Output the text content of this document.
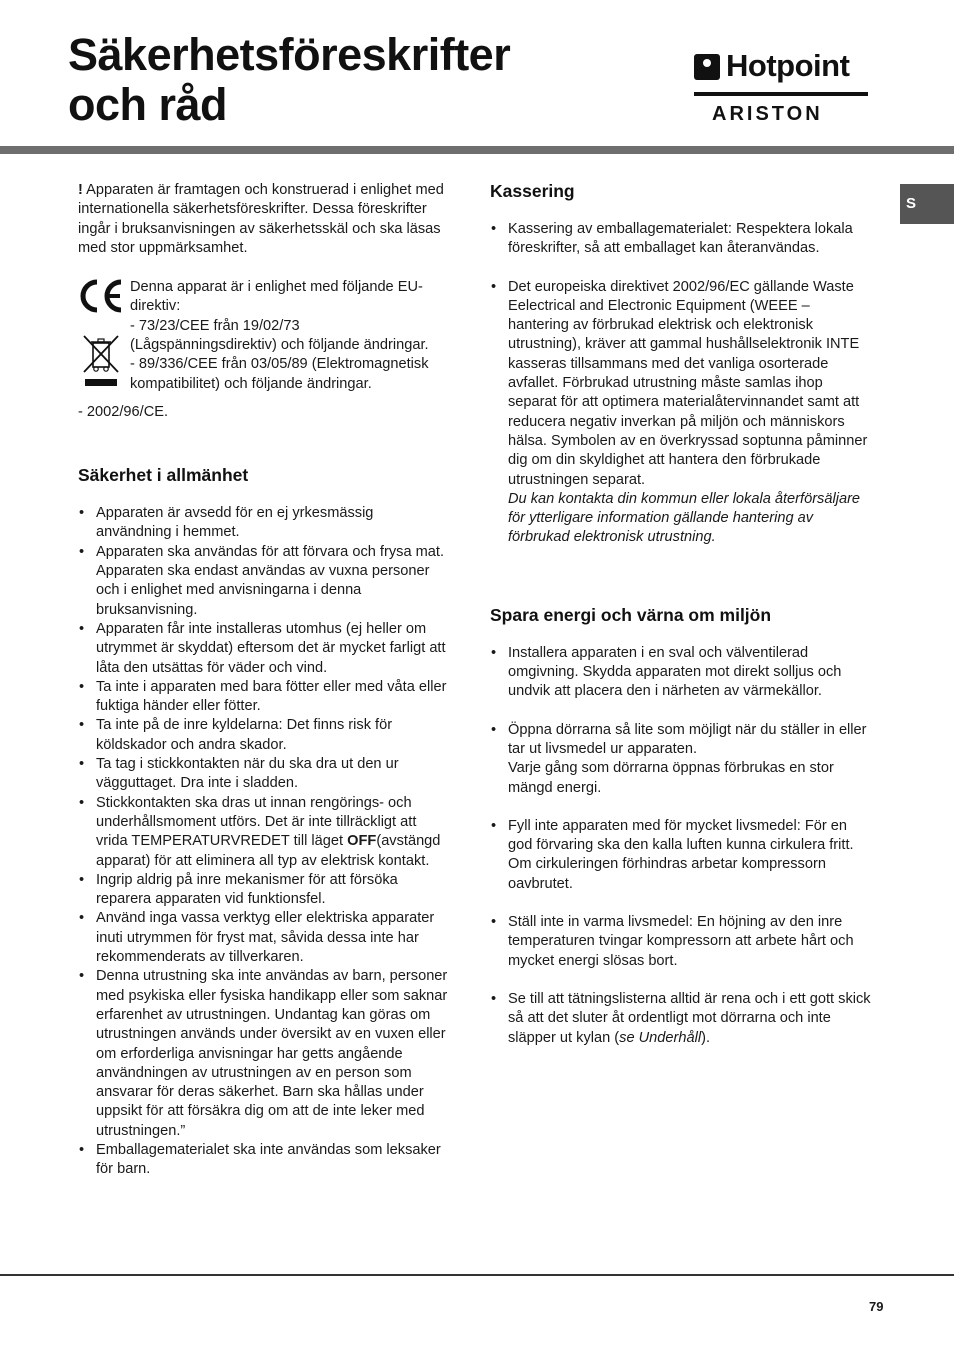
Säkerhetsföreskrifter
och råd
Hotpoint
ARISTON
S

! Apparaten är framtagen och konstruerad i enlighet med internationella säkerhetsföreskrifter. Dessa föreskrifter ingår i bruksanvisningen av säkerhetsskäl och ska läsas med stor uppmärksamhet.

Denna apparat är i enlighet med följande EU-direktiv:

- 73/23/CEE från 19/02/73 (Lågspänningsdirektiv) och följande ändringar.

- 89/336/CEE från 03/05/89 (Elektromagnetisk kompatibilitet) och följande ändringar.

- 2002/96/CE.

Säkerhet i allmänhet
• Apparaten är avsedd för en ej yrkesmässig användning i hemmet.
• Apparaten ska användas för att förvara och frysa mat. Apparaten ska endast användas av vuxna personer och i enlighet med anvisningarna i denna bruksanvisning.
• Apparaten får inte installeras utomhus (ej heller om utrymmet är skyddat) eftersom det är mycket farligt att låta den utsättas för väder och vind.
• Ta inte i apparaten med bara fötter eller med våta eller fuktiga händer eller fötter.
• Ta inte på de inre kyldelarna: Det finns risk för köldskador och andra skador.
• Ta tag i stickkontakten när du ska dra ut den ur vägguttaget. Dra inte i sladden.
• Stickkontakten ska dras ut innan rengörings- och underhållsmoment utförs. Det är inte tillräckligt att vrida TEMPERATURVREDET till läget OFF(avstängd apparat) för att eliminera all typ av elektrisk kontakt.
• Ingrip aldrig på inre mekanismer för att försöka reparera apparaten vid funktionsfel.
• Använd inga vassa verktyg eller elektriska apparater inuti utrymmen för fryst mat, såvida dessa inte har rekommenderats av tillverkaren.
• Denna utrustning ska inte användas av barn, personer med psykiska eller fysiska handikapp eller som saknar erfarenhet av utrustningen. Undantag kan göras om utrustningen används under översikt av en vuxen eller om erforderliga anvisningar har getts angående användningen av utrustningen av en person som ansvarar för deras säkerhet. Barn ska hållas under uppsikt för att försäkra dig om att de inte leker med utrustningen.”
• Emballagematerialet ska inte användas som leksaker för barn.
Kassering
• Kassering av emballagematerialet: Respektera lokala föreskrifter, så att emballaget kan återanvändas.

• Det europeiska direktivet 2002/96/EC gällande Waste Eelectrical and Electronic Equipment (WEEE – hantering av förbrukad elektrisk och elektronisk utrustning), kräver att gammal hushållselektronik INTE kasseras tillsammans med det vanliga osorterade avfallet. Förbrukad utrustning måste samlas ihop separat för att optimera materialåtervinnandet samt att reducera negativ inverkan på miljön och människors hälsa. Symbolen av en överkryssad soptunna påminner dig om din skyldighet att hantera den förbrukade utrustningen separat.

Du kan kontakta din kommun eller lokala återförsäljare för ytterligare information gällande hantering av förbrukad elektronisk utrustning.

Spara energi och värna om miljön
• Installera apparaten i en sval och välventilerad omgivning. Skydda apparaten mot direkt solljus och undvik att placera den i närheten av värmekällor.

• Öppna dörrarna så lite som möjligt när du ställer in eller tar ut livsmedel ur apparaten.

Varje gång som dörrarna öppnas förbrukas en stor mängd energi.

• Fyll inte apparaten med för mycket livsmedel: För en god förvaring ska den kalla luften kunna cirkulera fritt. Om cirkuleringen förhindras arbetar kompressorn oavbrutet.
• Ställ inte in varma livsmedel: En höjning av den inre temperaturen tvingar kompressorn att arbete hårt och mycket energi slösas bort.
• Se till att tätningslisterna alltid är rena och i ett gott skick så att det sluter åt ordentligt mot dörrarna och inte släpper ut kylan (se Underhåll).
79
